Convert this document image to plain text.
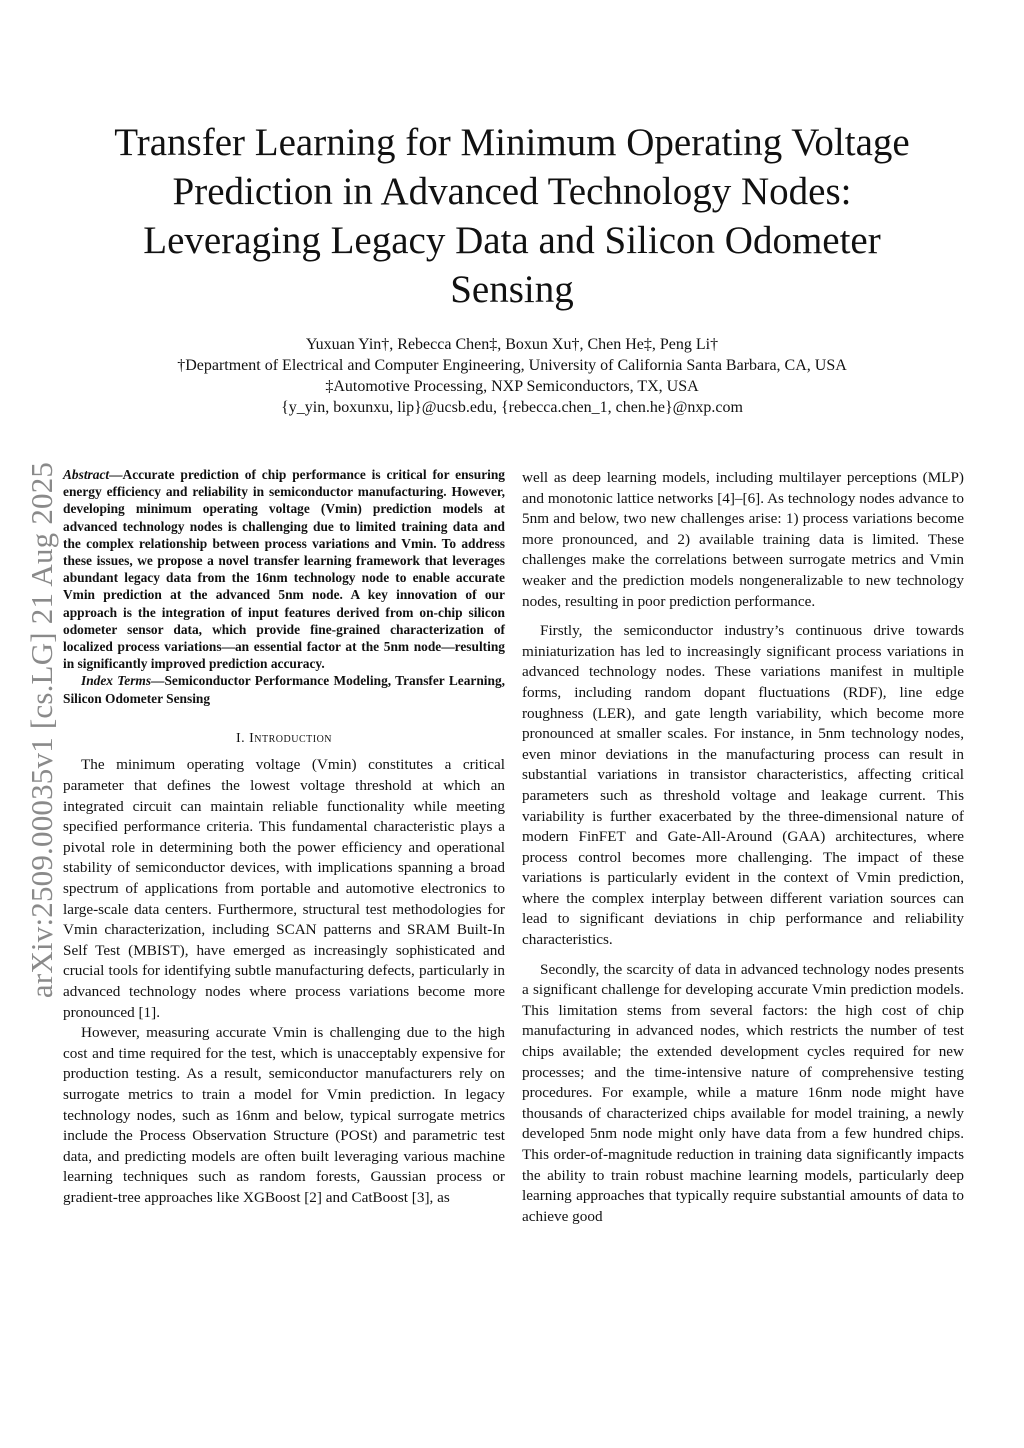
arXiv:2509.00035v1 [cs.LG] 21 Aug 2025
Transfer Learning for Minimum Operating Voltage
Prediction in Advanced Technology Nodes:
Leveraging Legacy Data and Silicon Odometer
Sensing
Yuxuan Yin†, Rebecca Chen‡, Boxun Xu†, Chen He‡, Peng Li†
†Department of Electrical and Computer Engineering, University of California Santa Barbara, CA, USA
‡Automotive Processing, NXP Semiconductors, TX, USA
{y_yin, boxunxu, lip}@ucsb.edu, {rebecca.chen_1, chen.he}@nxp.com

Abstract—Accurate prediction of chip performance is critical for ensuring energy efficiency and reliability in semiconductor manufacturing. However, developing minimum operating voltage (Vmin) prediction models at advanced technology nodes is challenging due to limited training data and the complex relationship between process variations and Vmin. To address these issues, we propose a novel transfer learning framework that leverages abundant legacy data from the 16nm technology node to enable accurate Vmin prediction at the advanced 5nm node. A key innovation of our approach is the integration of input features derived from on-chip silicon odometer sensor data, which provide fine-grained characterization of localized process variations—an essential factor at the 5nm node—resulting in significantly improved prediction accuracy.

Index Terms—Semiconductor Performance Modeling, Transfer Learning, Silicon Odometer Sensing

I. Introduction

The minimum operating voltage (Vmin) constitutes a critical parameter that defines the lowest voltage threshold at which an integrated circuit can maintain reliable functionality while meeting specified performance criteria. This fundamental characteristic plays a pivotal role in determining both the power efficiency and operational stability of semiconductor devices, with implications spanning a broad spectrum of applications from portable and automotive electronics to large-scale data centers. Furthermore, structural test methodologies for Vmin characterization, including SCAN patterns and SRAM Built-In Self Test (MBIST), have emerged as increasingly sophisticated and crucial tools for identifying subtle manufacturing defects, particularly in advanced technology nodes where process variations become more pronounced [1].

However, measuring accurate Vmin is challenging due to the high cost and time required for the test, which is unacceptably expensive for production testing. As a result, semiconductor manufacturers rely on surrogate metrics to train a model for Vmin prediction. In legacy technology nodes, such as 16nm and below, typical surrogate metrics include the Process Observation Structure (POSt) and parametric test data, and predicting models are often built leveraging various machine learning techniques such as random forests, Gaussian process or gradient-tree approaches like XGBoost [2] and CatBoost [3], as

well as deep learning models, including multilayer perceptions (MLP) and monotonic lattice networks [4]–[6]. As technology nodes advance to 5nm and below, two new challenges arise: 1) process variations become more pronounced, and 2) available training data is limited. These challenges make the correlations between surrogate metrics and Vmin weaker and the prediction models nongeneralizable to new technology nodes, resulting in poor prediction performance.

Firstly, the semiconductor industry’s continuous drive towards miniaturization has led to increasingly significant process variations in advanced technology nodes. These variations manifest in multiple forms, including random dopant fluctuations (RDF), line edge roughness (LER), and gate length variability, which become more pronounced at smaller scales. For instance, in 5nm technology nodes, even minor deviations in the manufacturing process can result in substantial variations in transistor characteristics, affecting critical parameters such as threshold voltage and leakage current. This variability is further exacerbated by the three-dimensional nature of modern FinFET and Gate-All-Around (GAA) architectures, where process control becomes more challenging. The impact of these variations is particularly evident in the context of Vmin prediction, where the complex interplay between different variation sources can lead to significant deviations in chip performance and reliability characteristics.

Secondly, the scarcity of data in advanced technology nodes presents a significant challenge for developing accurate Vmin prediction models. This limitation stems from several factors: the high cost of chip manufacturing in advanced nodes, which restricts the number of test chips available; the extended development cycles required for new processes; and the time-intensive nature of comprehensive testing procedures. For example, while a mature 16nm node might have thousands of characterized chips available for model training, a newly developed 5nm node might only have data from a few hundred chips. This order-of-magnitude reduction in training data significantly impacts the ability to train robust machine learning models, particularly deep learning approaches that typically require substantial amounts of data to achieve good
